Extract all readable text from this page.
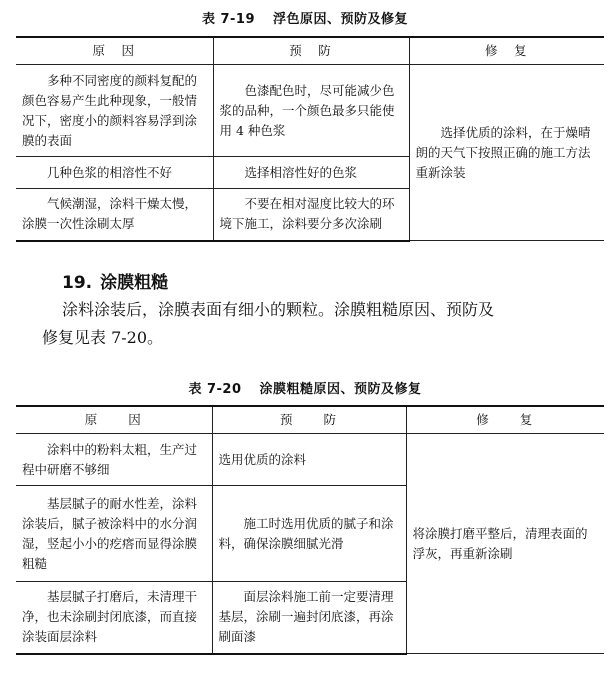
表 7-19 浮色原因、预防及修复
原　因	预　防	修　复
多种不同密度的颜料复配的颜色容易产生此种现象，一般情况下，密度小的颜料容易浮到涂膜的表面	色漆配色时，尽可能减少色浆的品种，一个颜色最多只能使用 4 种色浆	选择优质的涂料，在于燥晴朗的天气下按照正确的施工方法重新涂装
几种色浆的相溶性不好	选择相溶性好的色浆	
气候潮湿，涂料干燥太慢，涂膜一次性涂刷太厚	不要在相对湿度比较大的环境下施工，涂料要分多次涂刷	
19. 涂膜粗糙
涂料涂装后，涂膜表面有细小的颗粒。涂膜粗糙原因、预防及
修复见表 7-20。
表 7-20 涂膜粗糙原因、预防及修复
原　　因	预　　防	修　　复
涂料中的粉料太粗，生产过程中研磨不够细	选用优质的涂料	将涂膜打磨平整后，清理表面的浮灰，再重新涂刷
基层腻子的耐水性差，涂料涂装后，腻子被涂料中的水分润湿，竖起小小的疙瘩而显得涂膜粗糙	施工时选用优质的腻子和涂料，确保涂膜细腻光滑	
基层腻子打磨后，未清理干净，也未涂刷封闭底漆，而直接涂装面层涂料	面层涂料施工前一定要清理基层，涂刷一遍封闭底漆，再涂刷面漆	
